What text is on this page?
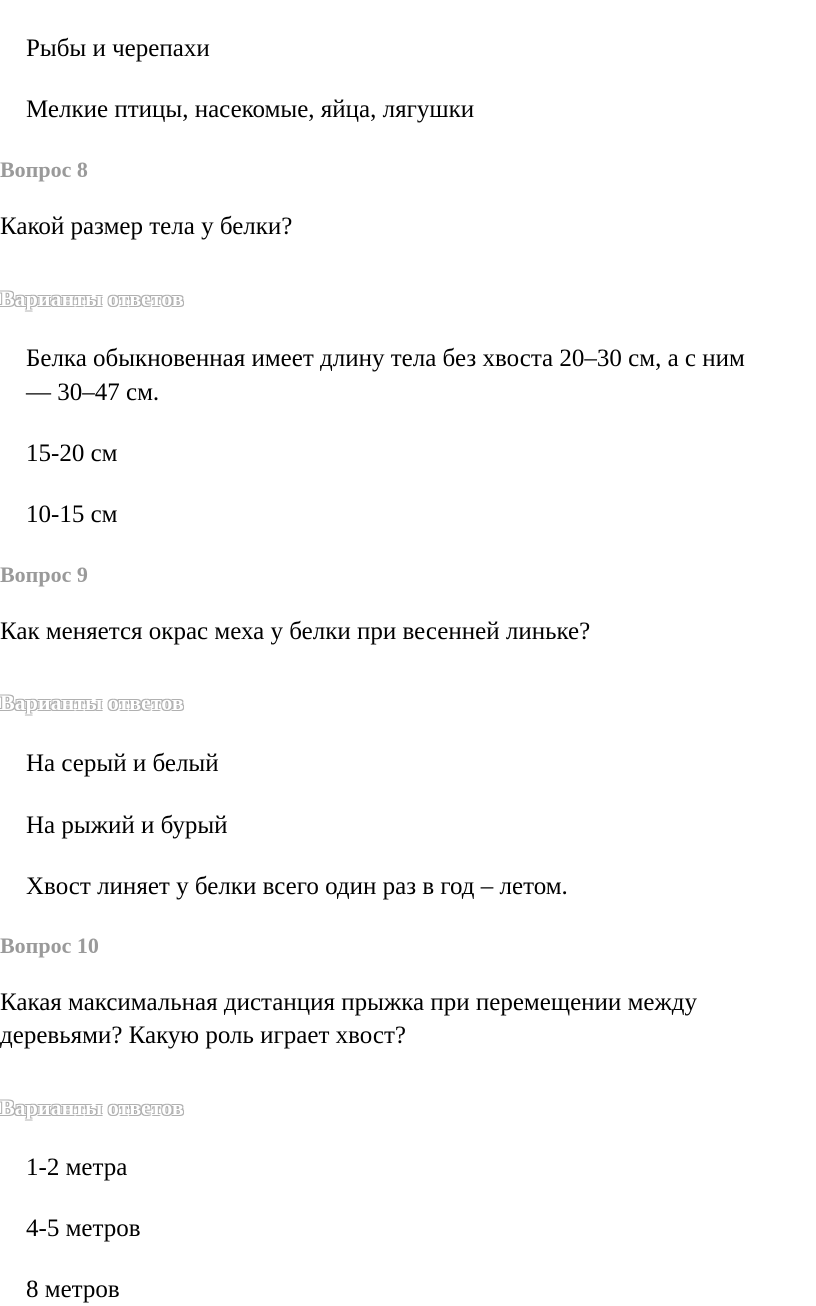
Рыбы и черепахи
Мелкие птицы, насекомые, яйца, лягушки
Вопрос 8
Какой размер тела у белки?
Варианты ответов
Белка обыкновенная имеет длину тела без хвоста 20–30 см, а с ним
— 30–47 см.
15-20 см
10-15 см
Вопрос 9
Как меняется окрас меха у белки при весенней линьке?
Варианты ответов
На серый и белый
На рыжий и бурый
Хвост линяет у белки всего один раз в год – летом.
Вопрос 10
Какая максимальная дистанция прыжка при перемещении между
деревьями? Какую роль играет хвост?
Варианты ответов
1-2 метра
4-5 метров
8 метров
